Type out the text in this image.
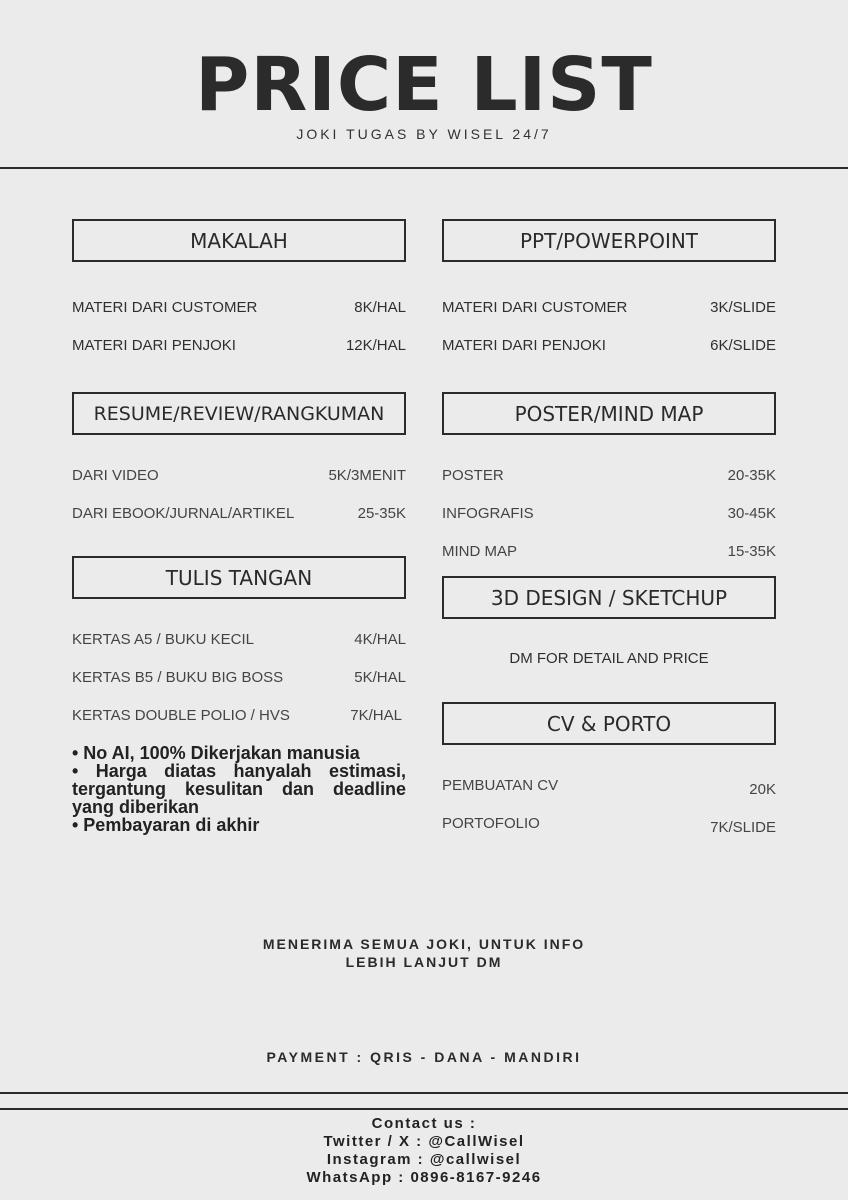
PRICE LIST
JOKI TUGAS BY WISEL 24/7
MAKALAH
MATERI DARI CUSTOMER	8K/HAL
MATERI DARI PENJOKI	12K/HAL
PPT/POWERPOINT
MATERI DARI CUSTOMER	3K/SLIDE
MATERI DARI PENJOKI	6K/SLIDE
RESUME/REVIEW/RANGKUMAN
DARI VIDEO	5K/3MENIT
DARI EBOOK/JURNAL/ARTIKEL	25-35K
POSTER/MIND MAP
POSTER	20-35K
INFOGRAFIS	30-45K
MIND MAP	15-35K
TULIS TANGAN
KERTAS A5 / BUKU KECIL	4K/HAL
KERTAS B5 / BUKU BIG BOSS	5K/HAL
KERTAS DOUBLE POLIO / HVS	7K/HAL
3D DESIGN / SKETCHUP
DM FOR DETAIL AND PRICE
CV & PORTO
PEMBUATAN CV	20K
PORTOFOLIO	7K/SLIDE
• No AI, 100% Dikerjakan manusia
• Harga diatas hanyalah estimasi, tergantung kesulitan dan deadline yang diberikan
• Pembayaran di akhir
MENERIMA SEMUA JOKI, UNTUK INFO
LEBIH LANJUT DM
PAYMENT : QRIS - DANA - MANDIRI
Contact us :
Twitter / X : @CallWisel
Instagram : @callwisel
WhatsApp : 0896-8167-9246
